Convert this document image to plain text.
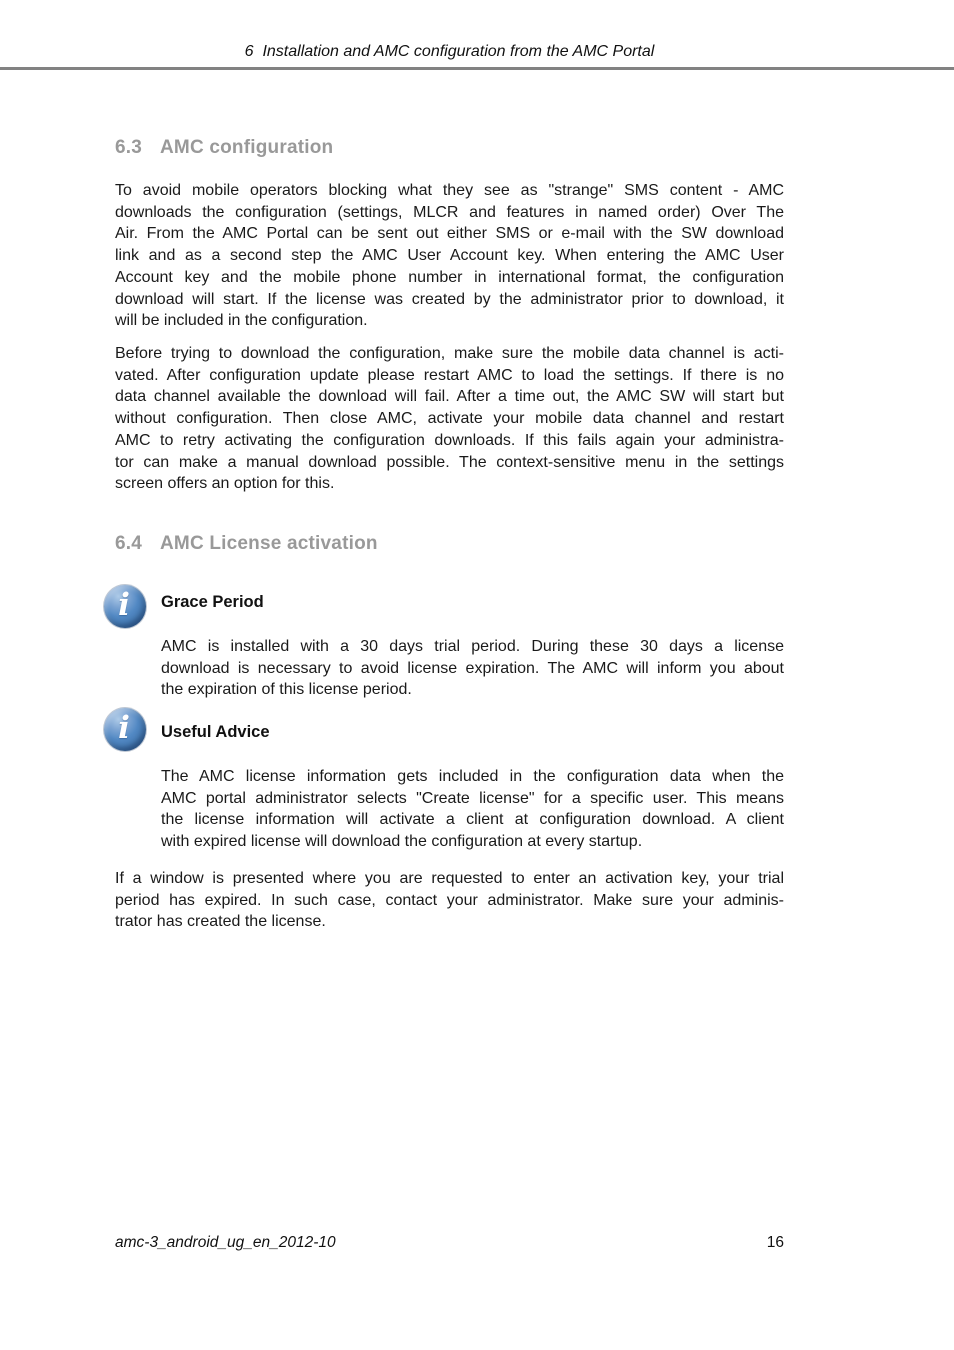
6  Installation and AMC configuration from the AMC Portal
6.3 AMC configuration
To avoid mobile operators blocking what they see as "strange" SMS content - AMC
downloads the configuration (settings, MLCR and features in named order) Over The
Air. From the AMC Portal can be sent out either SMS or e-mail with the SW download
link and as a second step the AMC User Account key. When entering the AMC User
Account key and the mobile phone number in international format, the configuration
download will start. If the license was created by the administrator prior to download, it
will be included in the configuration.
Before trying to download the configuration, make sure the mobile data channel is acti-
vated. After configuration update please restart AMC to load the settings. If there is no
data channel available the download will fail. After a time out, the AMC SW will start but
without configuration. Then close AMC, activate your mobile data channel and restart
AMC to retry activating the configuration downloads. If this fails again your administra-
tor can make a manual download possible. The context-sensitive menu in the settings
screen offers an option for this.
6.4 AMC License activation
i	Grace Period
AMC is installed with a 30 days trial period. During these 30 days a license
download is necessary to avoid license expiration. The AMC will inform you about
the expiration of this license period.
i	Useful Advice
The AMC license information gets included in the configuration data when the
AMC portal administrator selects "Create license" for a specific user. This means
the license information will activate a client at configuration download. A client
with expired license will download the configuration at every startup.
If a window is presented where you are requested to enter an activation key, your trial
period has expired. In such case, contact your administrator. Make sure your adminis-
trator has created the license.
amc-3_android_ug_en_2012-10	16
